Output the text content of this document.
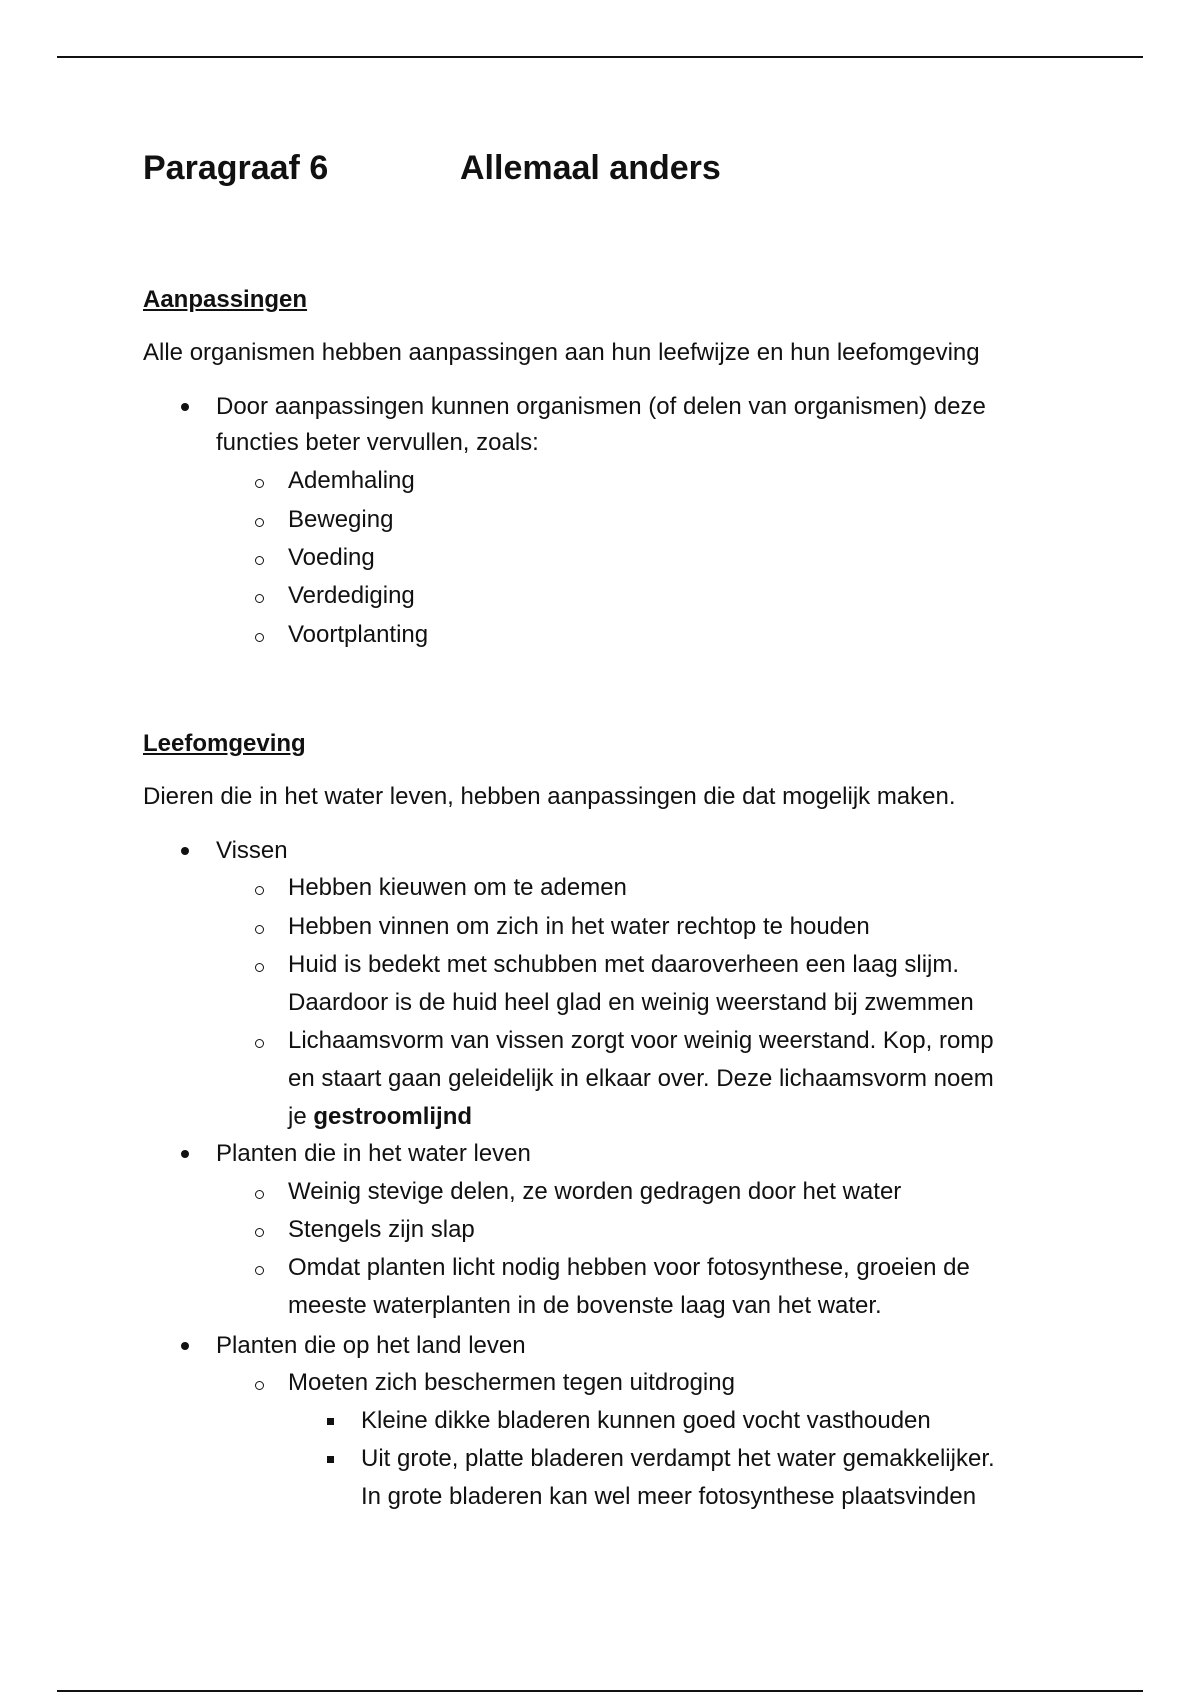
Paragraaf 6	Allemaal anders
Aanpassingen
Alle organismen hebben aanpassingen aan hun leefwijze en hun leefomgeving
Door aanpassingen kunnen organismen (of delen van organismen) deze
functies beter vervullen, zoals:
Ademhaling
Beweging
Voeding
Verdediging
Voortplanting
Leefomgeving
Dieren die in het water leven, hebben aanpassingen die dat mogelijk maken.
Vissen
Hebben kieuwen om te ademen
Hebben vinnen om zich in het water rechtop te houden
Huid is bedekt met schubben met daaroverheen een laag slijm.
Daardoor is de huid heel glad en weinig weerstand bij zwemmen
Lichaamsvorm van vissen zorgt voor weinig weerstand. Kop, romp
en staart gaan geleidelijk in elkaar over. Deze lichaamsvorm noem
je gestroomlijnd
Planten die in het water leven
Weinig stevige delen, ze worden gedragen door het water
Stengels zijn slap
Omdat planten licht nodig hebben voor fotosynthese, groeien de
meeste waterplanten in de bovenste laag van het water.
Planten die op het land leven
Moeten zich beschermen tegen uitdroging
Kleine dikke bladeren kunnen goed vocht vasthouden
Uit grote, platte bladeren verdampt het water gemakkelijker.
In grote bladeren kan wel meer fotosynthese plaatsvinden
